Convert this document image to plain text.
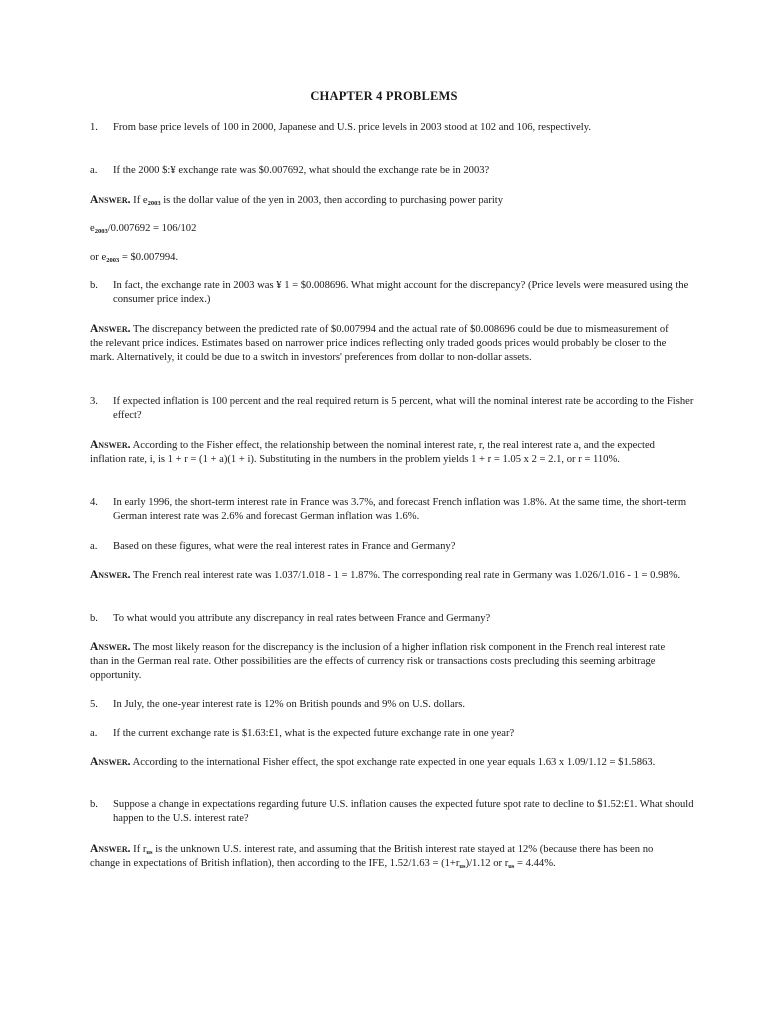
CHAPTER 4 PROBLEMS

1. From base price levels of 100 in 2000, Japanese and U.S. price levels in 2003 stood at 102 and 106, respectively.

a. If the 2000 $:¥ exchange rate was $0.007692, what should the exchange rate be in 2003?

Answer. If $e_{2003}$ is the dollar value of the yen in 2003, then according to purchasing power parity

$e_{2003}/0.007692 = 106/102$

or $e_{2003}$ = $0.007994.

b. In fact, the exchange rate in 2003 was ¥ 1 = $0.008696. What might account for the discrepancy? (Price levels were measured using the consumer price index.)

Answer. The discrepancy between the predicted rate of $0.007994 and the actual rate of $0.008696 could be due to mismeasurement of the relevant price indices. Estimates based on narrower price indices reflecting only traded goods prices would probably be closer to the mark. Alternatively, it could be due to a switch in investors' preferences from dollar to non-dollar assets.

3. If expected inflation is 100 percent and the real required return is 5 percent, what will the nominal interest rate be according to the Fisher effect?

Answer. According to the Fisher effect, the relationship between the nominal interest rate, r, the real interest rate a, and the expected inflation rate, i, is 1 + r = (1 + a)(1 + i). Substituting in the numbers in the problem yields 1 + r = 1.05 x 2 = 2.1, or r = 110%.

4. In early 1996, the short-term interest rate in France was 3.7%, and forecast French inflation was 1.8%. At the same time, the short-term German interest rate was 2.6% and forecast German inflation was 1.6%.

a. Based on these figures, what were the real interest rates in France and Germany?

Answer. The French real interest rate was 1.037/1.018 - 1 = 1.87%. The corresponding real rate in Germany was 1.026/1.016 - 1 = 0.98%.

b. To what would you attribute any discrepancy in real rates between France and Germany?

Answer. The most likely reason for the discrepancy is the inclusion of a higher inflation risk component in the French real interest rate than in the German real rate. Other possibilities are the effects of currency risk or transactions costs precluding this seeming arbitrage opportunity.

5. In July, the one-year interest rate is 12% on British pounds and 9% on U.S. dollars.

a. If the current exchange rate is $1.63:£1, what is the expected future exchange rate in one year?

Answer. According to the international Fisher effect, the spot exchange rate expected in one year equals 1.63 x 1.09/1.12 = $1.5863.

b. Suppose a change in expectations regarding future U.S. inflation causes the expected future spot rate to decline to $1.52:£1. What should happen to the U.S. interest rate?

Answer. If $r_{us}$ is the unknown U.S. interest rate, and assuming that the British interest rate stayed at 12% (because there has been no change in expectations of British inflation), then according to the IFE, $1.52/1.63 = (1+r_{us})/1.12$ or $r_{us} = 4.44\%$.
